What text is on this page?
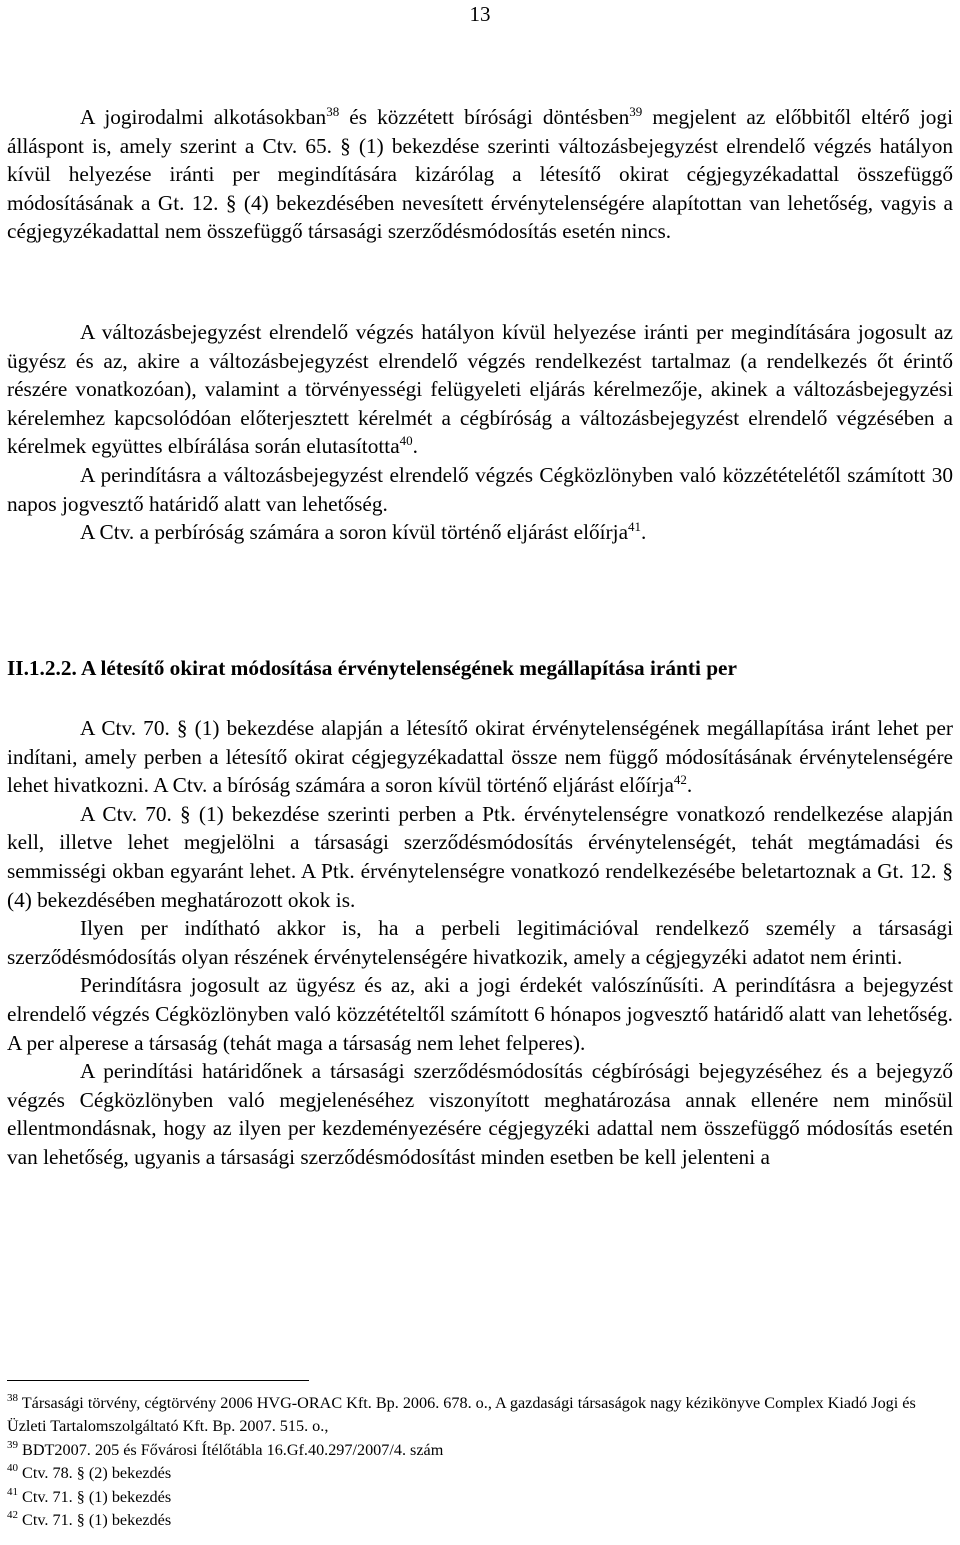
13

A jogirodalmi alkotásokban$^{38}$ és közzétett bírósági döntésben$^{39}$ megjelent az előbbitől eltérő jogi álláspont is, amely szerint a Ctv. 65. § (1) bekezdése szerinti változásbejegyzést elrendelő végzés hatályon kívül helyezése iránti per megindítására kizárólag a létesítő okirat cégjegyzékadattal összefüggő módosításának a Gt. 12. § (4) bekezdésében nevesített érvénytelenségére alapítottan van lehetőség, vagyis a cégjegyzékadattal nem összefüggő társasági szerződésmódosítás esetén nincs.

A változásbejegyzést elrendelő végzés hatályon kívül helyezése iránti per megindítására jogosult az ügyész és az, akire a változásbejegyzést elrendelő végzés rendelkezést tartalmaz (a rendelkezés őt érintő részére vonatkozóan), valamint a törvényességi felügyeleti eljárás kérelmezője, akinek a változásbejegyzési kérelemhez kapcsolódóan előterjesztett kérelmét a cégbíróság a változásbejegyzést elrendelő végzésében a kérelmek együttes elbírálása során elutasította$^{40}$.

A perindításra a változásbejegyzést elrendelő végzés Cégközlönyben való közzétételétől számított 30 napos jogvesztő határidő alatt van lehetőség.

A Ctv. a perbíróság számára a soron kívül történő eljárást előírja$^{41}$.

II.1.2.2. A létesítő okirat módosítása érvénytelenségének megállapítása iránti per

A Ctv. 70. § (1) bekezdése alapján a létesítő okirat érvénytelenségének megállapítása iránt lehet per indítani, amely perben a létesítő okirat cégjegyzékadattal össze nem függő módosításának érvénytelenségére lehet hivatkozni. A Ctv. a bíróság számára a soron kívül történő eljárást előírja$^{42}$.

A Ctv. 70. § (1) bekezdése szerinti perben a Ptk. érvénytelenségre vonatkozó rendelkezése alapján kell, illetve lehet megjelölni a társasági szerződésmódosítás érvénytelenségét, tehát megtámadási és semmisségi okban egyaránt lehet. A Ptk. érvénytelenségre vonatkozó rendelkezésébe beletartoznak a Gt. 12. § (4) bekezdésében meghatározott okok is.

Ilyen per indítható akkor is, ha a perbeli legitimációval rendelkező személy a társasági szerződésmódosítás olyan részének érvénytelenségére hivatkozik, amely a cégjegyzéki adatot nem érinti.

Perindításra jogosult az ügyész és az, aki a jogi érdekét valószínűsíti. A perindításra a bejegyzést elrendelő végzés Cégközlönyben való közzétételtől számított 6 hónapos jogvesztő határidő alatt van lehetőség. A per alperese a társaság (tehát maga a társaság nem lehet felperes).

A perindítási határidőnek a társasági szerződésmódosítás cégbírósági bejegyzéséhez és a bejegyző végzés Cégközlönyben való megjelenéséhez viszonyított meghatározása annak ellenére nem minősül ellentmondásnak, hogy az ilyen per kezdeményezésére cégjegyzéki adattal nem összefüggő módosítás esetén van lehetőség, ugyanis a társasági szerződésmódosítást minden esetben be kell jelenteni a

$^{38}$ Társasági törvény, cégtörvény 2006 HVG-ORAC Kft. Bp. 2006. 678. o., A gazdasági társaságok nagy kézikönyve Complex Kiadó Jogi és Üzleti Tartalomszolgáltató Kft. Bp. 2007. 515. o.,

$^{39}$ BDT2007. 205 és Fővárosi Ítélőtábla 16.Gf.40.297/2007/4. szám

$^{40}$ Ctv. 78. § (2) bekezdés

$^{41}$ Ctv. 71. § (1) bekezdés

$^{42}$ Ctv. 71. § (1) bekezdés
